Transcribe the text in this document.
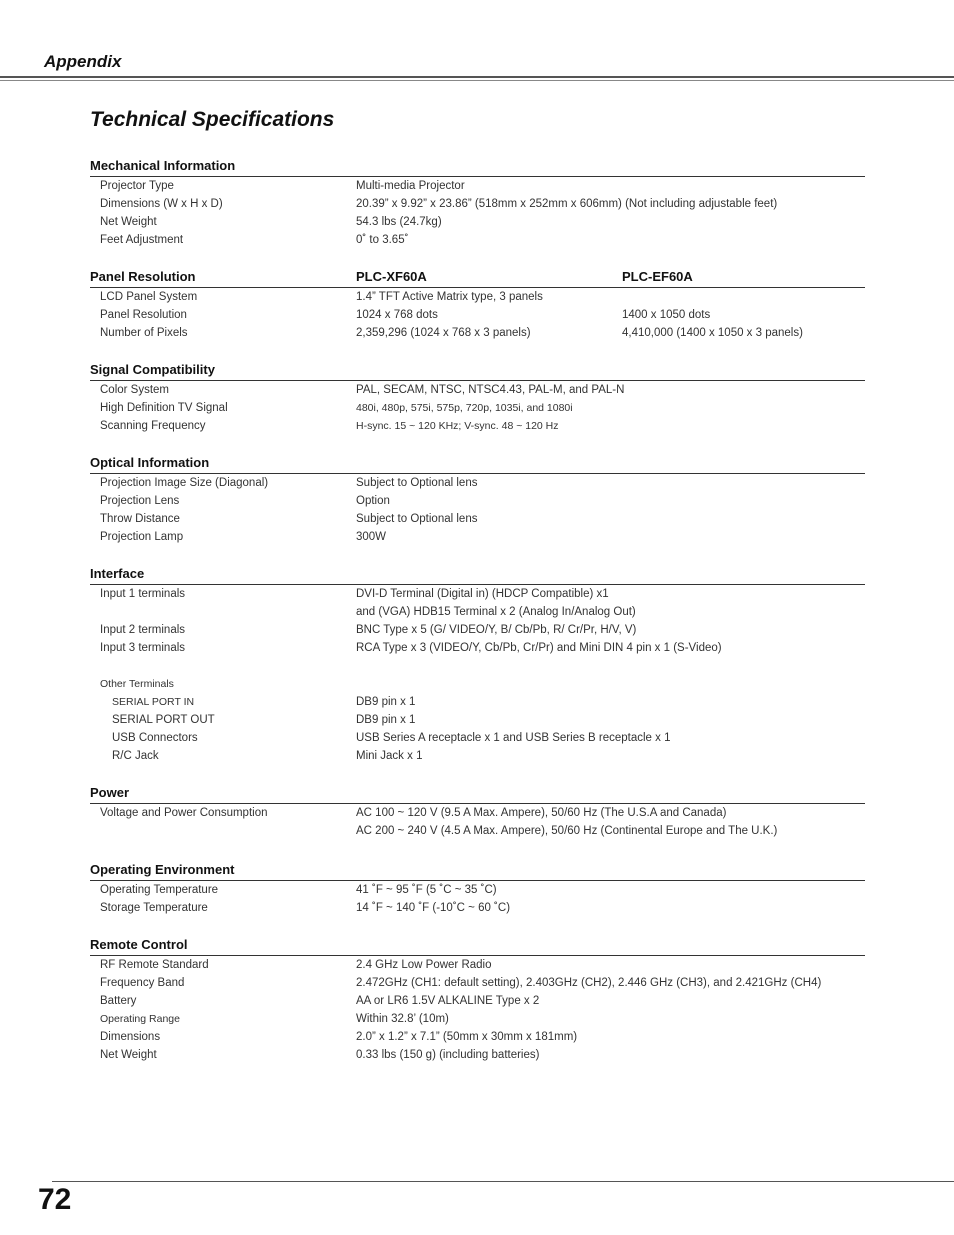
Appendix
Technical Specifications
Mechanical Information
Projector Type	Multi-media Projector
Dimensions (W x H x D)	20.39” x 9.92” x 23.86” (518mm x 252mm x 606mm) (Not including adjustable feet)
Net Weight	54.3 lbs (24.7kg)
Feet Adjustment	0˚ to 3.65˚
Panel Resolution	PLC-XF60A	PLC-EF60A
LCD Panel System	1.4” TFT Active Matrix type, 3 panels
Panel Resolution	1024 x 768 dots	1400 x 1050 dots
Number of Pixels	2,359,296 (1024 x 768 x 3 panels)	4,410,000 (1400 x 1050 x 3 panels)
Signal Compatibility
Color System	PAL, SECAM, NTSC, NTSC4.43, PAL-M, and PAL-N
High Definition TV Signal	480i, 480p, 575i, 575p, 720p, 1035i, and 1080i
Scanning Frequency	H-sync. 15 ~ 120 KHz; V-sync. 48 ~ 120 Hz
Optical Information
Projection Image Size (Diagonal)	Subject to Optional lens
Projection Lens	Option
Throw Distance	Subject to Optional lens
Projection Lamp	300W
Interface
Input 1 terminals	DVI-D Terminal (Digital in) (HDCP Compatible) x1
and (VGA) HDB15 Terminal x 2 (Analog In/Analog Out)
Input 2 terminals	BNC Type x 5 (G/ VIDEO/Y, B/ Cb/Pb, R/ Cr/Pr, H/V, V)
Input 3 terminals	RCA Type x 3 (VIDEO/Y, Cb/Pb, Cr/Pr) and Mini DIN 4 pin x 1 (S-Video)
Other Terminals
SERIAL PORT IN	DB9 pin x 1
SERIAL PORT OUT	DB9 pin x 1
USB Connectors	USB Series A receptacle x 1 and USB Series B receptacle x 1
R/C Jack	Mini Jack x 1
Power
Voltage and Power Consumption	AC 100 ~ 120 V (9.5 A Max. Ampere), 50/60 Hz (The U.S.A and Canada)
AC 200 ~ 240 V (4.5 A Max. Ampere), 50/60 Hz (Continental Europe and The U.K.)
Operating Environment
Operating Temperature	41 ˚F ~ 95 ˚F (5 ˚C ~ 35 ˚C)
Storage Temperature	14 ˚F ~ 140 ˚F (-10˚C ~ 60 ˚C)
Remote Control
RF Remote Standard	2.4 GHz Low Power Radio
Frequency Band	2.472GHz (CH1: default setting), 2.403GHz (CH2), 2.446 GHz (CH3), and 2.421GHz (CH4)
Battery	AA or LR6 1.5V ALKALINE Type x 2
Operating Range	Within 32.8’ (10m)
Dimensions	2.0” x 1.2” x 7.1” (50mm x 30mm x 181mm)
Net Weight	0.33 lbs (150 g) (including batteries)
72
